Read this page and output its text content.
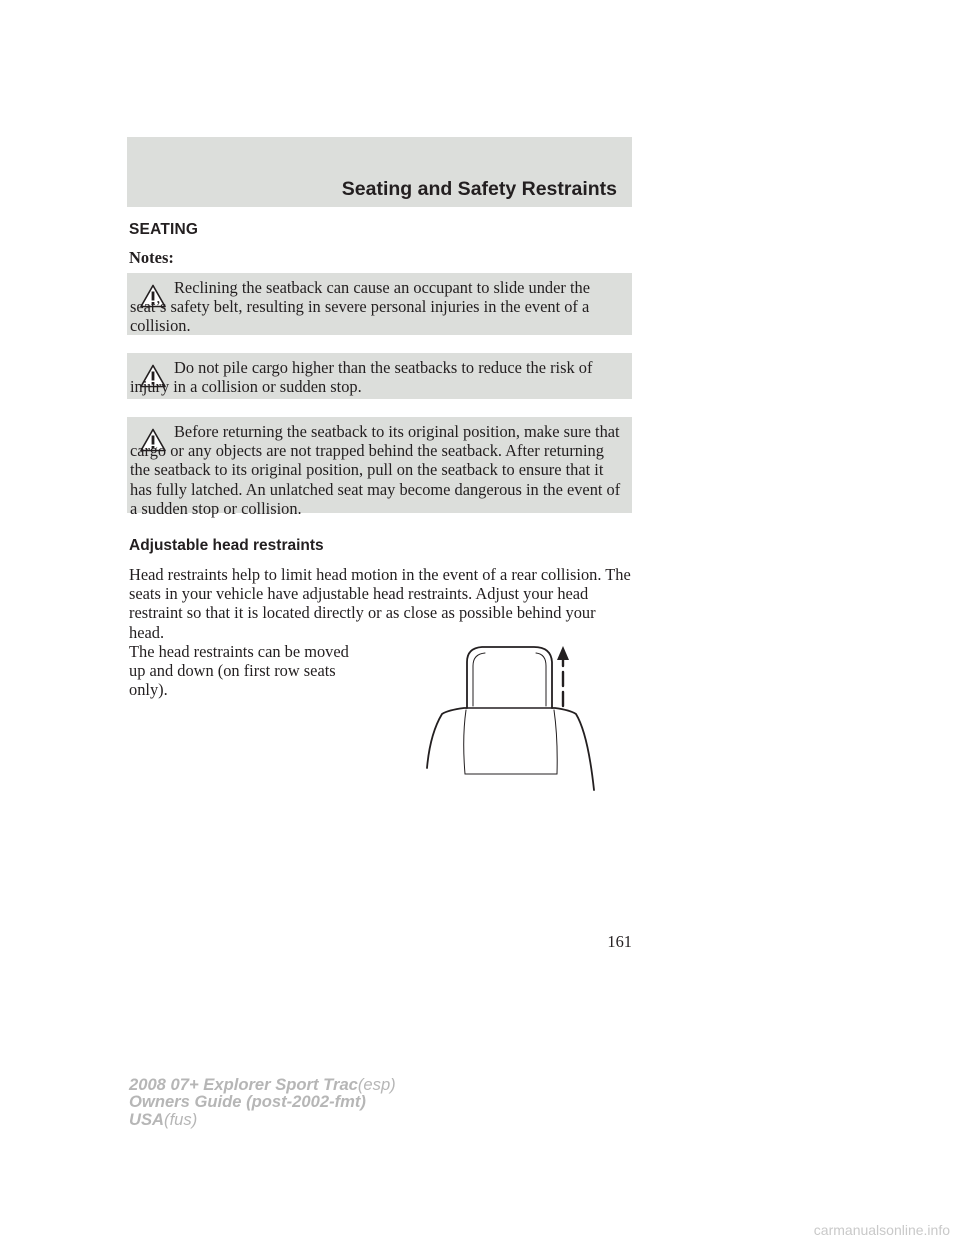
Seating and Safety Restraints
SEATING
Notes:
Reclining the seatback can cause an occupant to slide under the seat’s safety belt, resulting in severe personal injuries in the event of a collision.
Do not pile cargo higher than the seatbacks to reduce the risk of injury in a collision or sudden stop.
Before returning the seatback to its original position, make sure that cargo or any objects are not trapped behind the seatback. After returning the seatback to its original position, pull on the seatback to ensure that it has fully latched. An unlatched seat may become dangerous in the event of a sudden stop or collision.
Adjustable head restraints
Head restraints help to limit head motion in the event of a rear collision. The seats in your vehicle have adjustable head restraints. Adjust your head restraint so that it is located directly or as close as possible behind your head.
The head restraints can be moved up and down (on first row seats only).
161
2008 07+ Explorer Sport Trac(esp)
Owners Guide (post-2002-fmt)
USA(fus)
carmanualsonline.info
